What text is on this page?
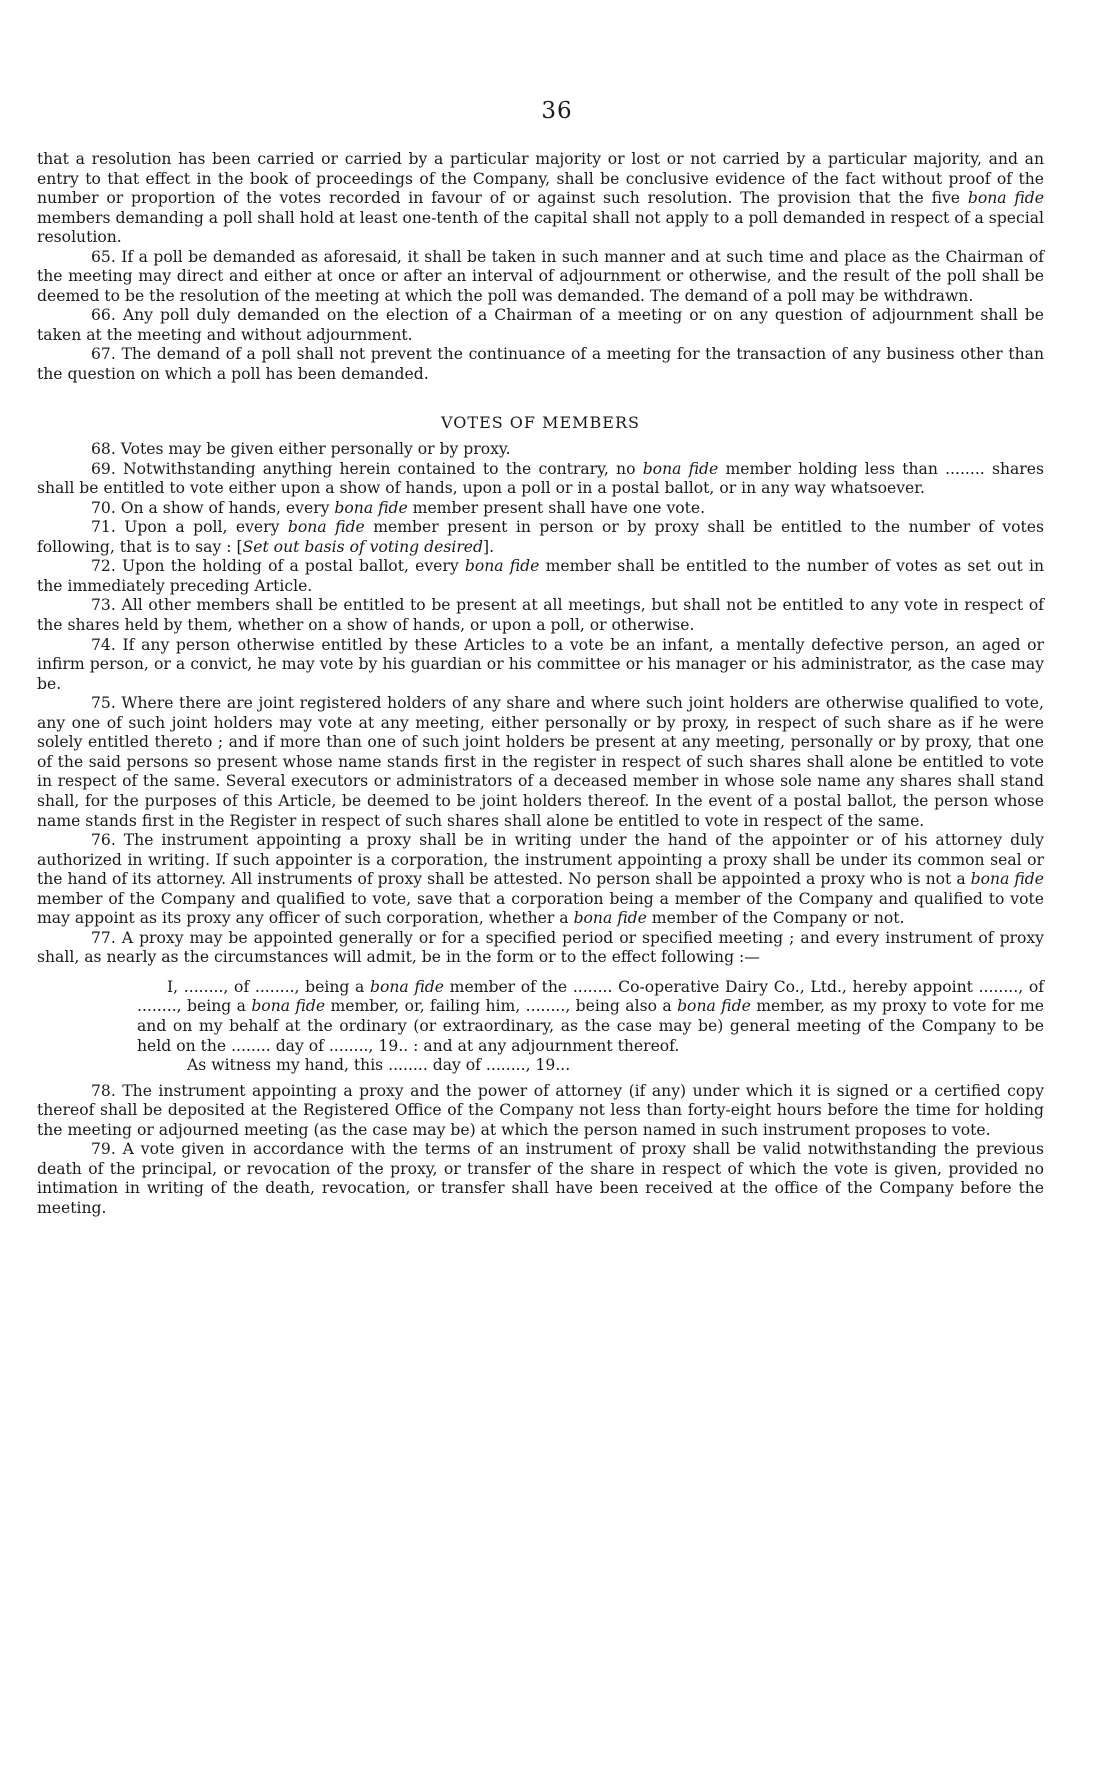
36

that a resolution has been carried or carried by a particular majority or lost or not carried by a particular majority, and an entry to that effect in the book of proceedings of the Company, shall be conclusive evidence of the fact without proof of the number or proportion of the votes recorded in favour of or against such resolution. The provision that the five bona fide members demanding a poll shall hold at least one-tenth of the capital shall not apply to a poll demanded in respect of a special resolution.

65. If a poll be demanded as aforesaid, it shall be taken in such manner and at such time and place as the Chairman of the meeting may direct and either at once or after an interval of adjournment or otherwise, and the result of the poll shall be deemed to be the resolution of the meeting at which the poll was demanded. The demand of a poll may be withdrawn.

66. Any poll duly demanded on the election of a Chairman of a meeting or on any question of adjournment shall be taken at the meeting and without adjournment.

67. The demand of a poll shall not prevent the continuance of a meeting for the transaction of any business other than the question on which a poll has been demanded.

VOTES OF MEMBERS

68. Votes may be given either personally or by proxy.

69. Notwithstanding anything herein contained to the contrary, no bona fide member holding less than ........ shares shall be entitled to vote either upon a show of hands, upon a poll or in a postal ballot, or in any way whatsoever.

70. On a show of hands, every bona fide member present shall have one vote.

71. Upon a poll, every bona fide member present in person or by proxy shall be entitled to the number of votes following, that is to say : [Set out basis of voting desired].

72. Upon the holding of a postal ballot, every bona fide member shall be entitled to the number of votes as set out in the immediately preceding Article.

73. All other members shall be entitled to be present at all meetings, but shall not be entitled to any vote in respect of the shares held by them, whether on a show of hands, or upon a poll, or otherwise.

74. If any person otherwise entitled by these Articles to a vote be an infant, a mentally defective person, an aged or infirm person, or a convict, he may vote by his guardian or his committee or his manager or his administrator, as the case may be.

75. Where there are joint registered holders of any share and where such joint holders are otherwise qualified to vote, any one of such joint holders may vote at any meeting, either personally or by proxy, in respect of such share as if he were solely entitled thereto ; and if more than one of such joint holders be present at any meeting, personally or by proxy, that one of the said persons so present whose name stands first in the register in respect of such shares shall alone be entitled to vote in respect of the same. Several executors or administrators of a deceased member in whose sole name any shares shall stand shall, for the purposes of this Article, be deemed to be joint holders thereof. In the event of a postal ballot, the person whose name stands first in the Register in respect of such shares shall alone be entitled to vote in respect of the same.

76. The instrument appointing a proxy shall be in writing under the hand of the appointer or of his attorney duly authorized in writing. If such appointer is a corporation, the instrument appointing a proxy shall be under its common seal or the hand of its attorney. All instruments of proxy shall be attested. No person shall be appointed a proxy who is not a bona fide member of the Company and qualified to vote, save that a corporation being a member of the Company and qualified to vote may appoint as its proxy any officer of such corporation, whether a bona fide member of the Company or not.

77. A proxy may be appointed generally or for a specified period or specified meeting ; and every instrument of proxy shall, as nearly as the circumstances will admit, be in the form or to the effect following :—

I, ........, of ........, being a bona fide member of the ........ Co-operative Dairy Co., Ltd., hereby appoint ........, of ........, being a bona fide member, or, failing him, ........, being also a bona fide member, as my proxy to vote for me and on my behalf at the ordinary (or extraordinary, as the case may be) general meeting of the Company to be held on the ........ day of ........, 19.. : and at any adjournment thereof.

As witness my hand, this ........ day of ........, 19...

78. The instrument appointing a proxy and the power of attorney (if any) under which it is signed or a certified copy thereof shall be deposited at the Registered Office of the Company not less than forty-eight hours before the time for holding the meeting or adjourned meeting (as the case may be) at which the person named in such instrument proposes to vote.

79. A vote given in accordance with the terms of an instrument of proxy shall be valid notwithstanding the previous death of the principal, or revocation of the proxy, or transfer of the share in respect of which the vote is given, provided no intimation in writing of the death, revocation, or transfer shall have been received at the office of the Company before the meeting.
